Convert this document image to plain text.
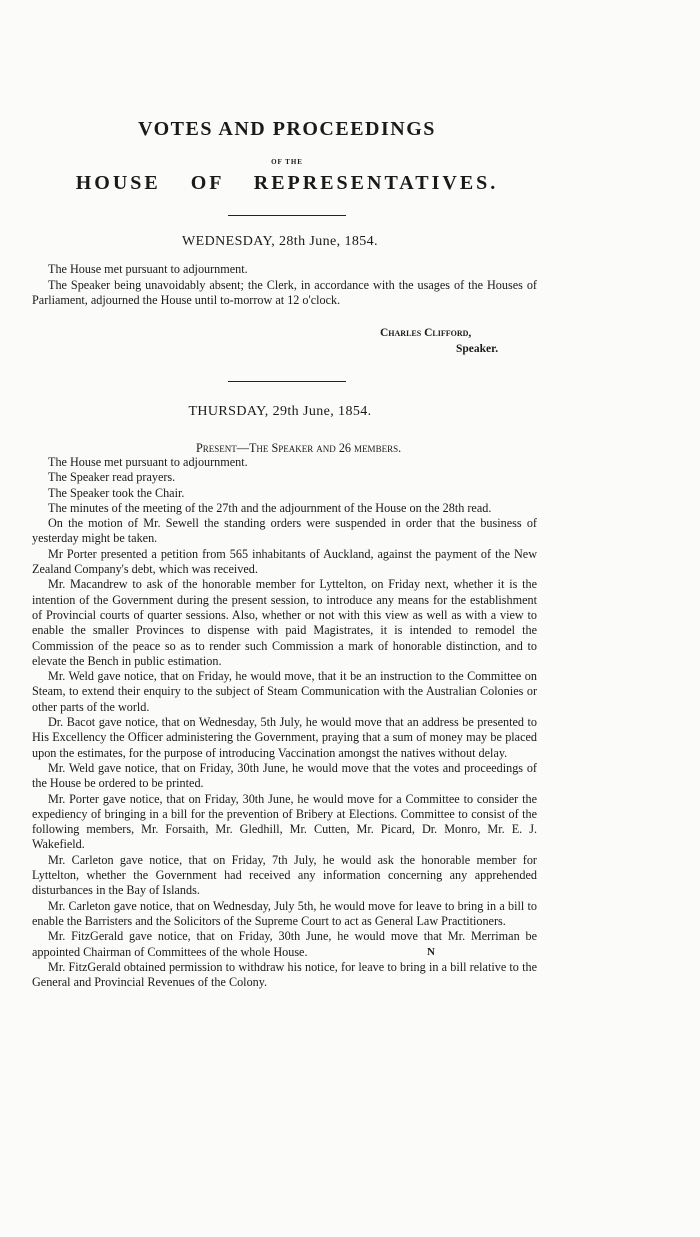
VOTES AND PROCEEDINGS
OF THE
HOUSE OF REPRESENTATIVES.
WEDNESDAY, 28th June, 1854.
The House met pursuant to adjournment.
The Speaker being unavoidably absent; the Clerk, in accordance with the usages of the Houses of Parliament, adjourned the House until to-morrow at 12 o'clock.
Charles Clifford,
Speaker.
THURSDAY, 29th June, 1854.
Present—The Speaker and 26 members.

The House met pursuant to adjournment.

The Speaker read prayers.

The Speaker took the Chair.

The minutes of the meeting of the 27th and the adjournment of the House on the 28th read.

On the motion of Mr. Sewell the standing orders were suspended in order that the business of yesterday might be taken.

Mr Porter presented a petition from 565 inhabitants of Auckland, against the payment of the New Zealand Company's debt, which was received.

Mr. Macandrew to ask of the honorable member for Lyttelton, on Friday next, whether it is the intention of the Government during the present session, to introduce any means for the establishment of Provincial courts of quarter sessions. Also, whether or not with this view as well as with a view to enable the smaller Provinces to dispense with paid Magistrates, it is intended to remodel the Commission of the peace so as to render such Commission a mark of honorable distinction, and to elevate the Bench in public estimation.

Mr. Weld gave notice, that on Friday, he would move, that it be an instruction to the Committee on Steam, to extend their enquiry to the subject of Steam Communication with the Australian Colonies or other parts of the world.

Dr. Bacot gave notice, that on Wednesday, 5th July, he would move that an address be presented to His Excellency the Officer administering the Government, praying that a sum of money may be placed upon the estimates, for the purpose of introducing Vaccination amongst the natives without delay.

Mr. Weld gave notice, that on Friday, 30th June, he would move that the votes and proceedings of the House be ordered to be printed.

Mr. Porter gave notice, that on Friday, 30th June, he would move for a Committee to consider the expediency of bringing in a bill for the prevention of Bribery at Elections. Committee to consist of the following members, Mr. Forsaith, Mr. Gledhill, Mr. Cutten, Mr. Picard, Dr. Monro, Mr. E. J. Wakefield.

Mr. Carleton gave notice, that on Friday, 7th July, he would ask the honorable member for Lyttelton, whether the Government had received any information concerning any apprehended disturbances in the Bay of Islands.

Mr. Carleton gave notice, that on Wednesday, July 5th, he would move for leave to bring in a bill to enable the Barristers and the Solicitors of the Supreme Court to act as General Law Practitioners.

Mr. FitzGerald gave notice, that on Friday, 30th June, he would move that Mr. Merriman be appointed Chairman of Committees of the whole House.

Mr. FitzGerald obtained permission to withdraw his notice, for leave to bring in a bill relative to the General and Provincial Revenues of the Colony.

N
